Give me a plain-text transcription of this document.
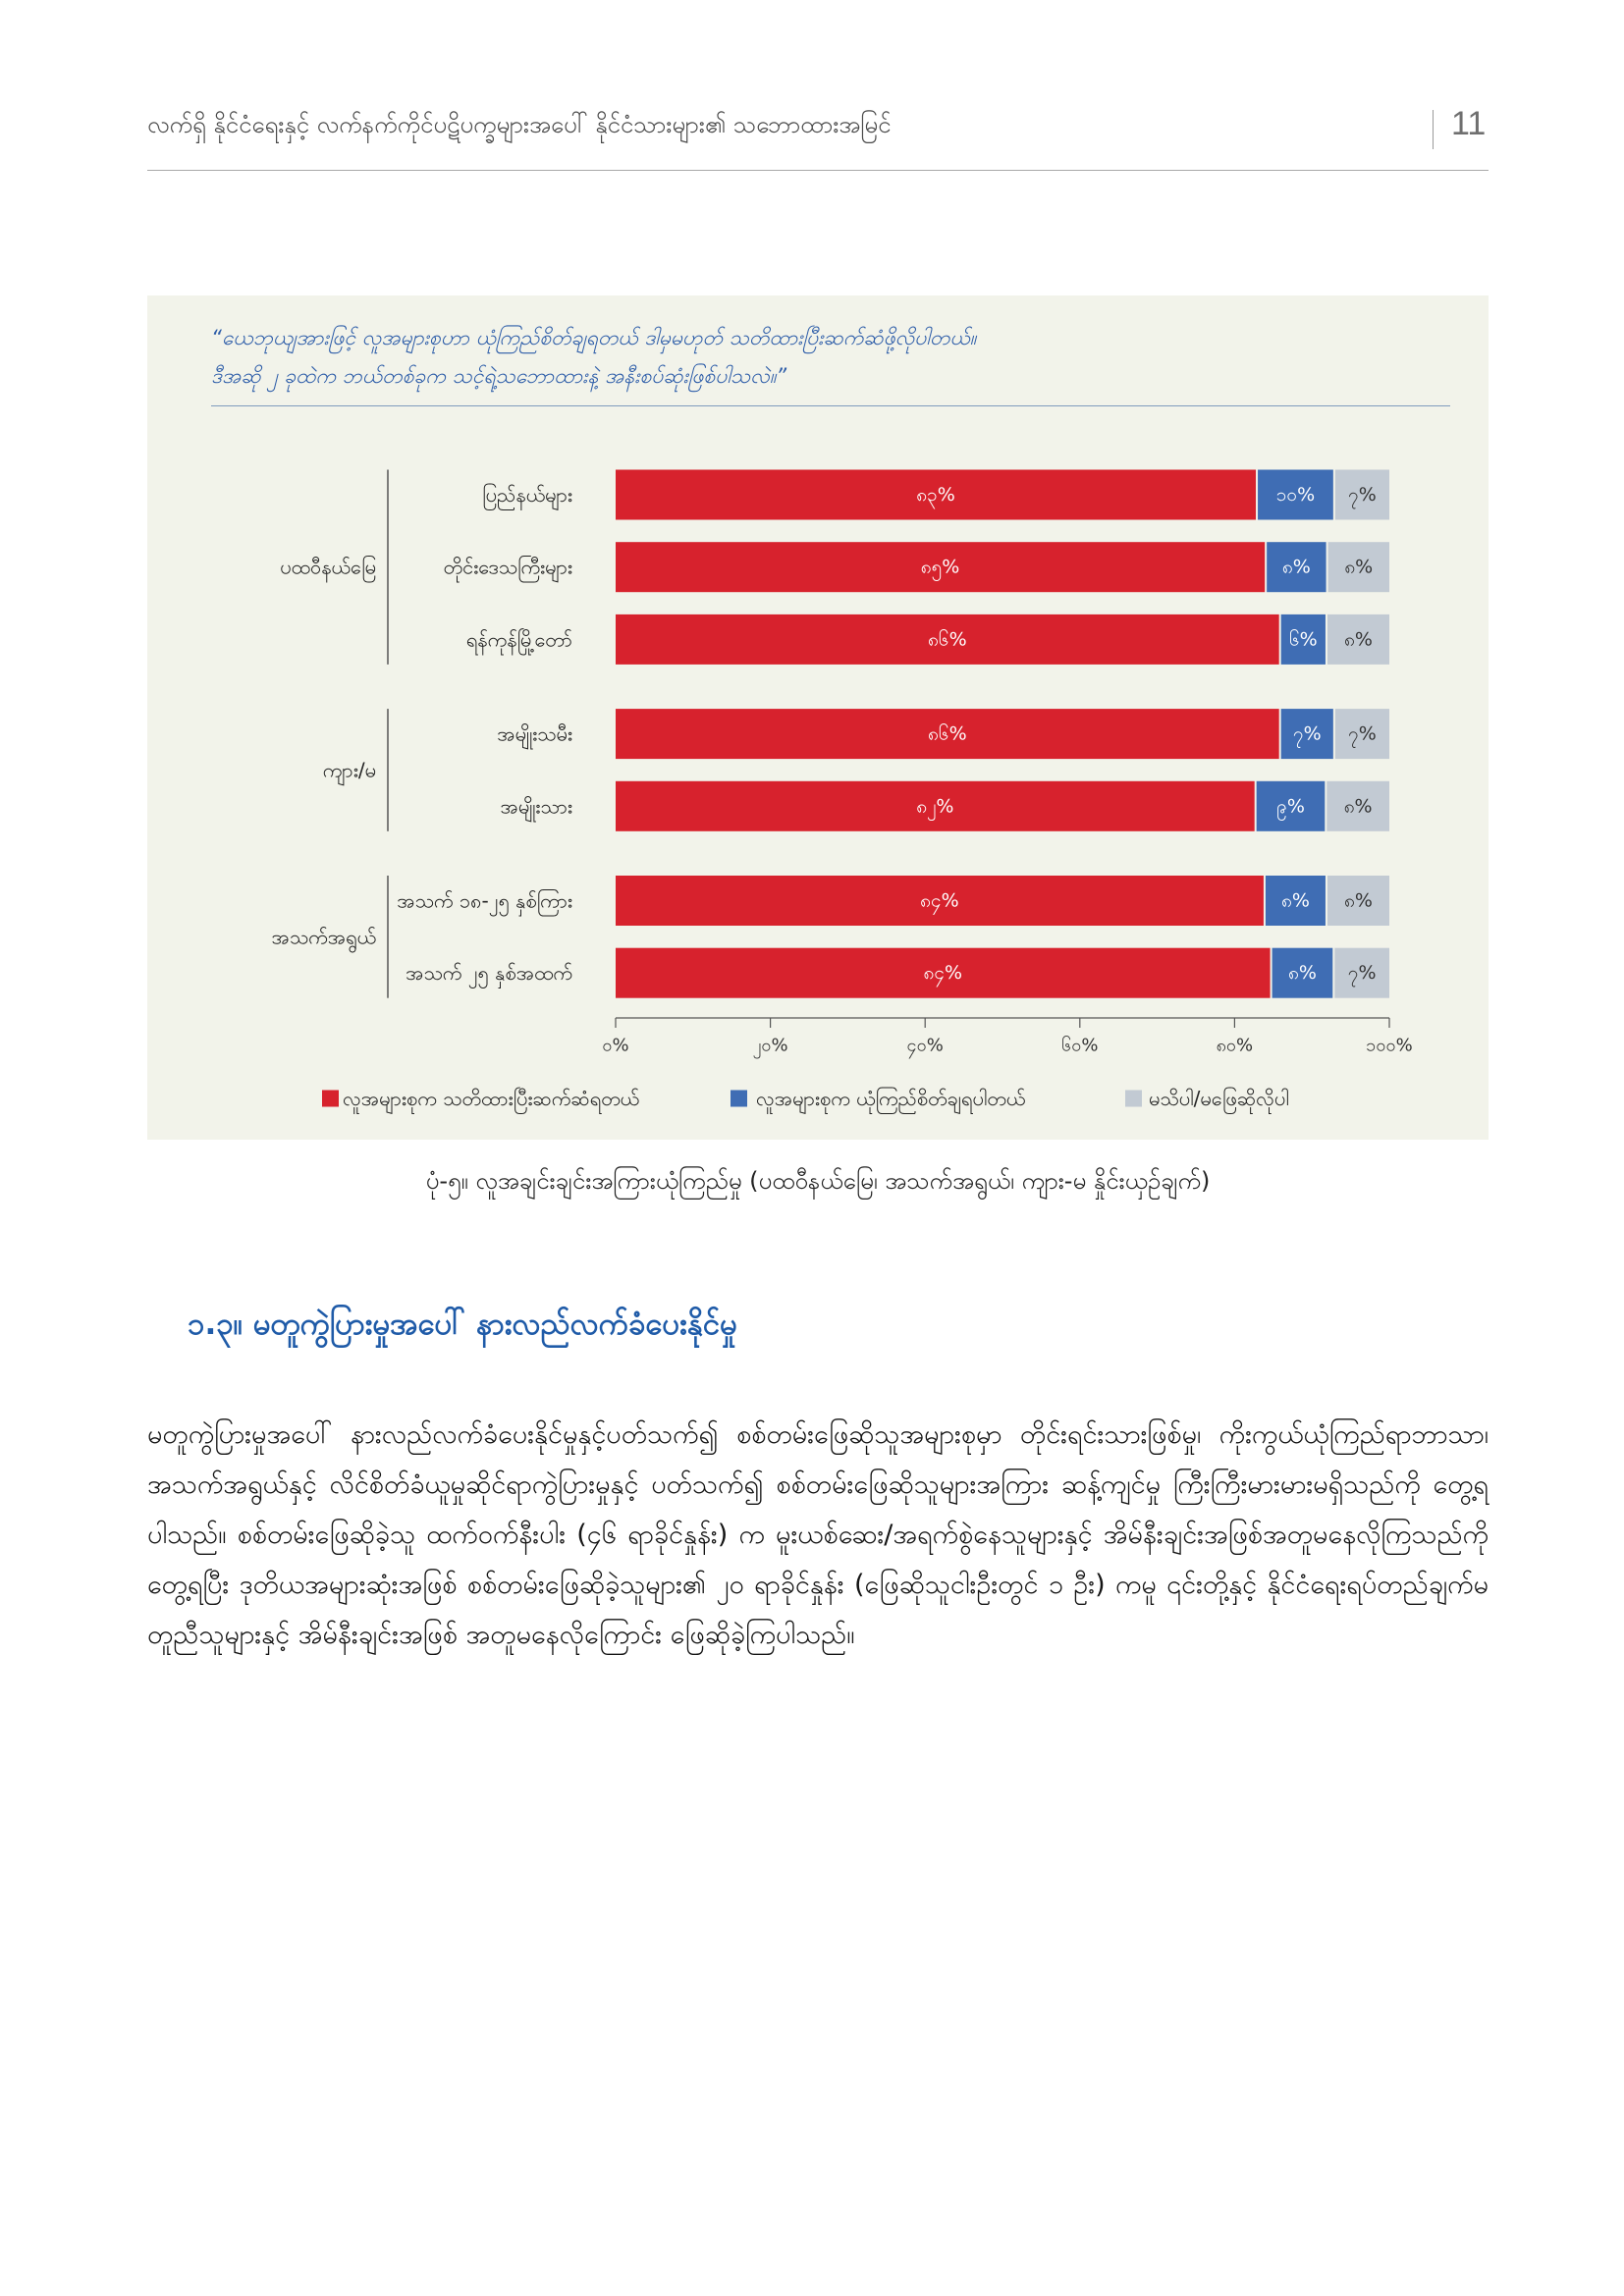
လက်ရှိ နိုင်ငံရေးနှင့် လက်နက်ကိုင်ပဋိပက္ခများအပေါ် နိုင်ငံသားများ၏ သဘောထားအမြင်	11
“ယေဘုယျအားဖြင့် လူအများစုဟာ ယုံကြည်စိတ်ချရတယ် ဒါမှမဟုတ် သတိထားပြီးဆက်ဆံဖို့လိုပါတယ်။
ဒီအဆို ၂ ခုထဲက ဘယ်တစ်ခုက သင့်ရဲ့သဘောထားနဲ့ အနီးစပ်ဆုံးဖြစ်ပါသလဲ။”
ပြည်နယ်များ	၈၃%	၁၀% ၇%
တိုင်းဒေသကြီးများ	၈၅%	၈% ၈%
ရန်ကုန်မြို့တော်	၈၆%	၆% ၈%
ပထဝီနယ်မြေ
အမျိုးသမီး	၈၆%	၇% ၇%
အမျိုးသား	၈၂%	၉% ၈%
ကျား/မ
အသက် ၁၈-၂၅ နှစ်ကြား	၈၄%	၈% ၈%
အသက် ၂၅ နှစ်အထက်	၈၄%	၈% ၇%
အသက်အရွယ်
၀%	၂၀%	၄၀%	၆၀%	၈၀%	၁၀၀%
လူအများစုက သတိထားပြီးဆက်ဆံရတယ်	လူအများစုက ယုံကြည်စိတ်ချရပါတယ်	မသိပါ/မဖြေဆိုလိုပါ
ပုံ-၅။ လူအချင်းချင်းအကြားယုံကြည်မှု (ပထဝီနယ်မြေ၊ အသက်အရွယ်၊ ကျား-မ နှိုင်းယှဉ်ချက်)
၁.၃။ မတူကွဲပြားမှုအပေါ် နားလည်လက်ခံပေးနိုင်မှု
မတူကွဲပြားမှုအပေါ် နားလည်လက်ခံပေးနိုင်မှုနှင့်ပတ်သက်၍ စစ်တမ်းဖြေဆိုသူအများစုမှာ တိုင်းရင်းသားဖြစ်မှု၊ ကိုးကွယ်ယုံကြည်ရာဘာသာ၊ အသက်အရွယ်နှင့် လိင်စိတ်ခံယူမှုဆိုင်ရာကွဲပြားမှုနှင့် ပတ်သက်၍ စစ်တမ်းဖြေဆိုသူများအကြား ဆန့်ကျင်မှု ကြီးကြီးမားမားမရှိသည်ကို တွေ့ရပါသည်။ စစ်တမ်းဖြေဆိုခဲ့သူ ထက်ဝက်နီးပါး (၄၆ ရာခိုင်နှုန်း) က မူးယစ်ဆေး/အရက်စွဲနေသူများနှင့် အိမ်နီးချင်းအဖြစ်အတူမနေလိုကြသည်ကိုတွေ့ရပြီး ဒုတိယအများဆုံးအဖြစ် စစ်တမ်းဖြေဆိုခဲ့သူများ၏ ၂၀ ရာခိုင်နှုန်း (ဖြေဆိုသူငါးဦးတွင် ၁ ဦး) ကမူ ၎င်းတို့နှင့် နိုင်ငံရေးရပ်တည်ချက်မတူညီသူများနှင့် အိမ်နီးချင်းအဖြစ် အတူမနေလိုကြောင်း ဖြေဆိုခဲ့ကြပါသည်။
